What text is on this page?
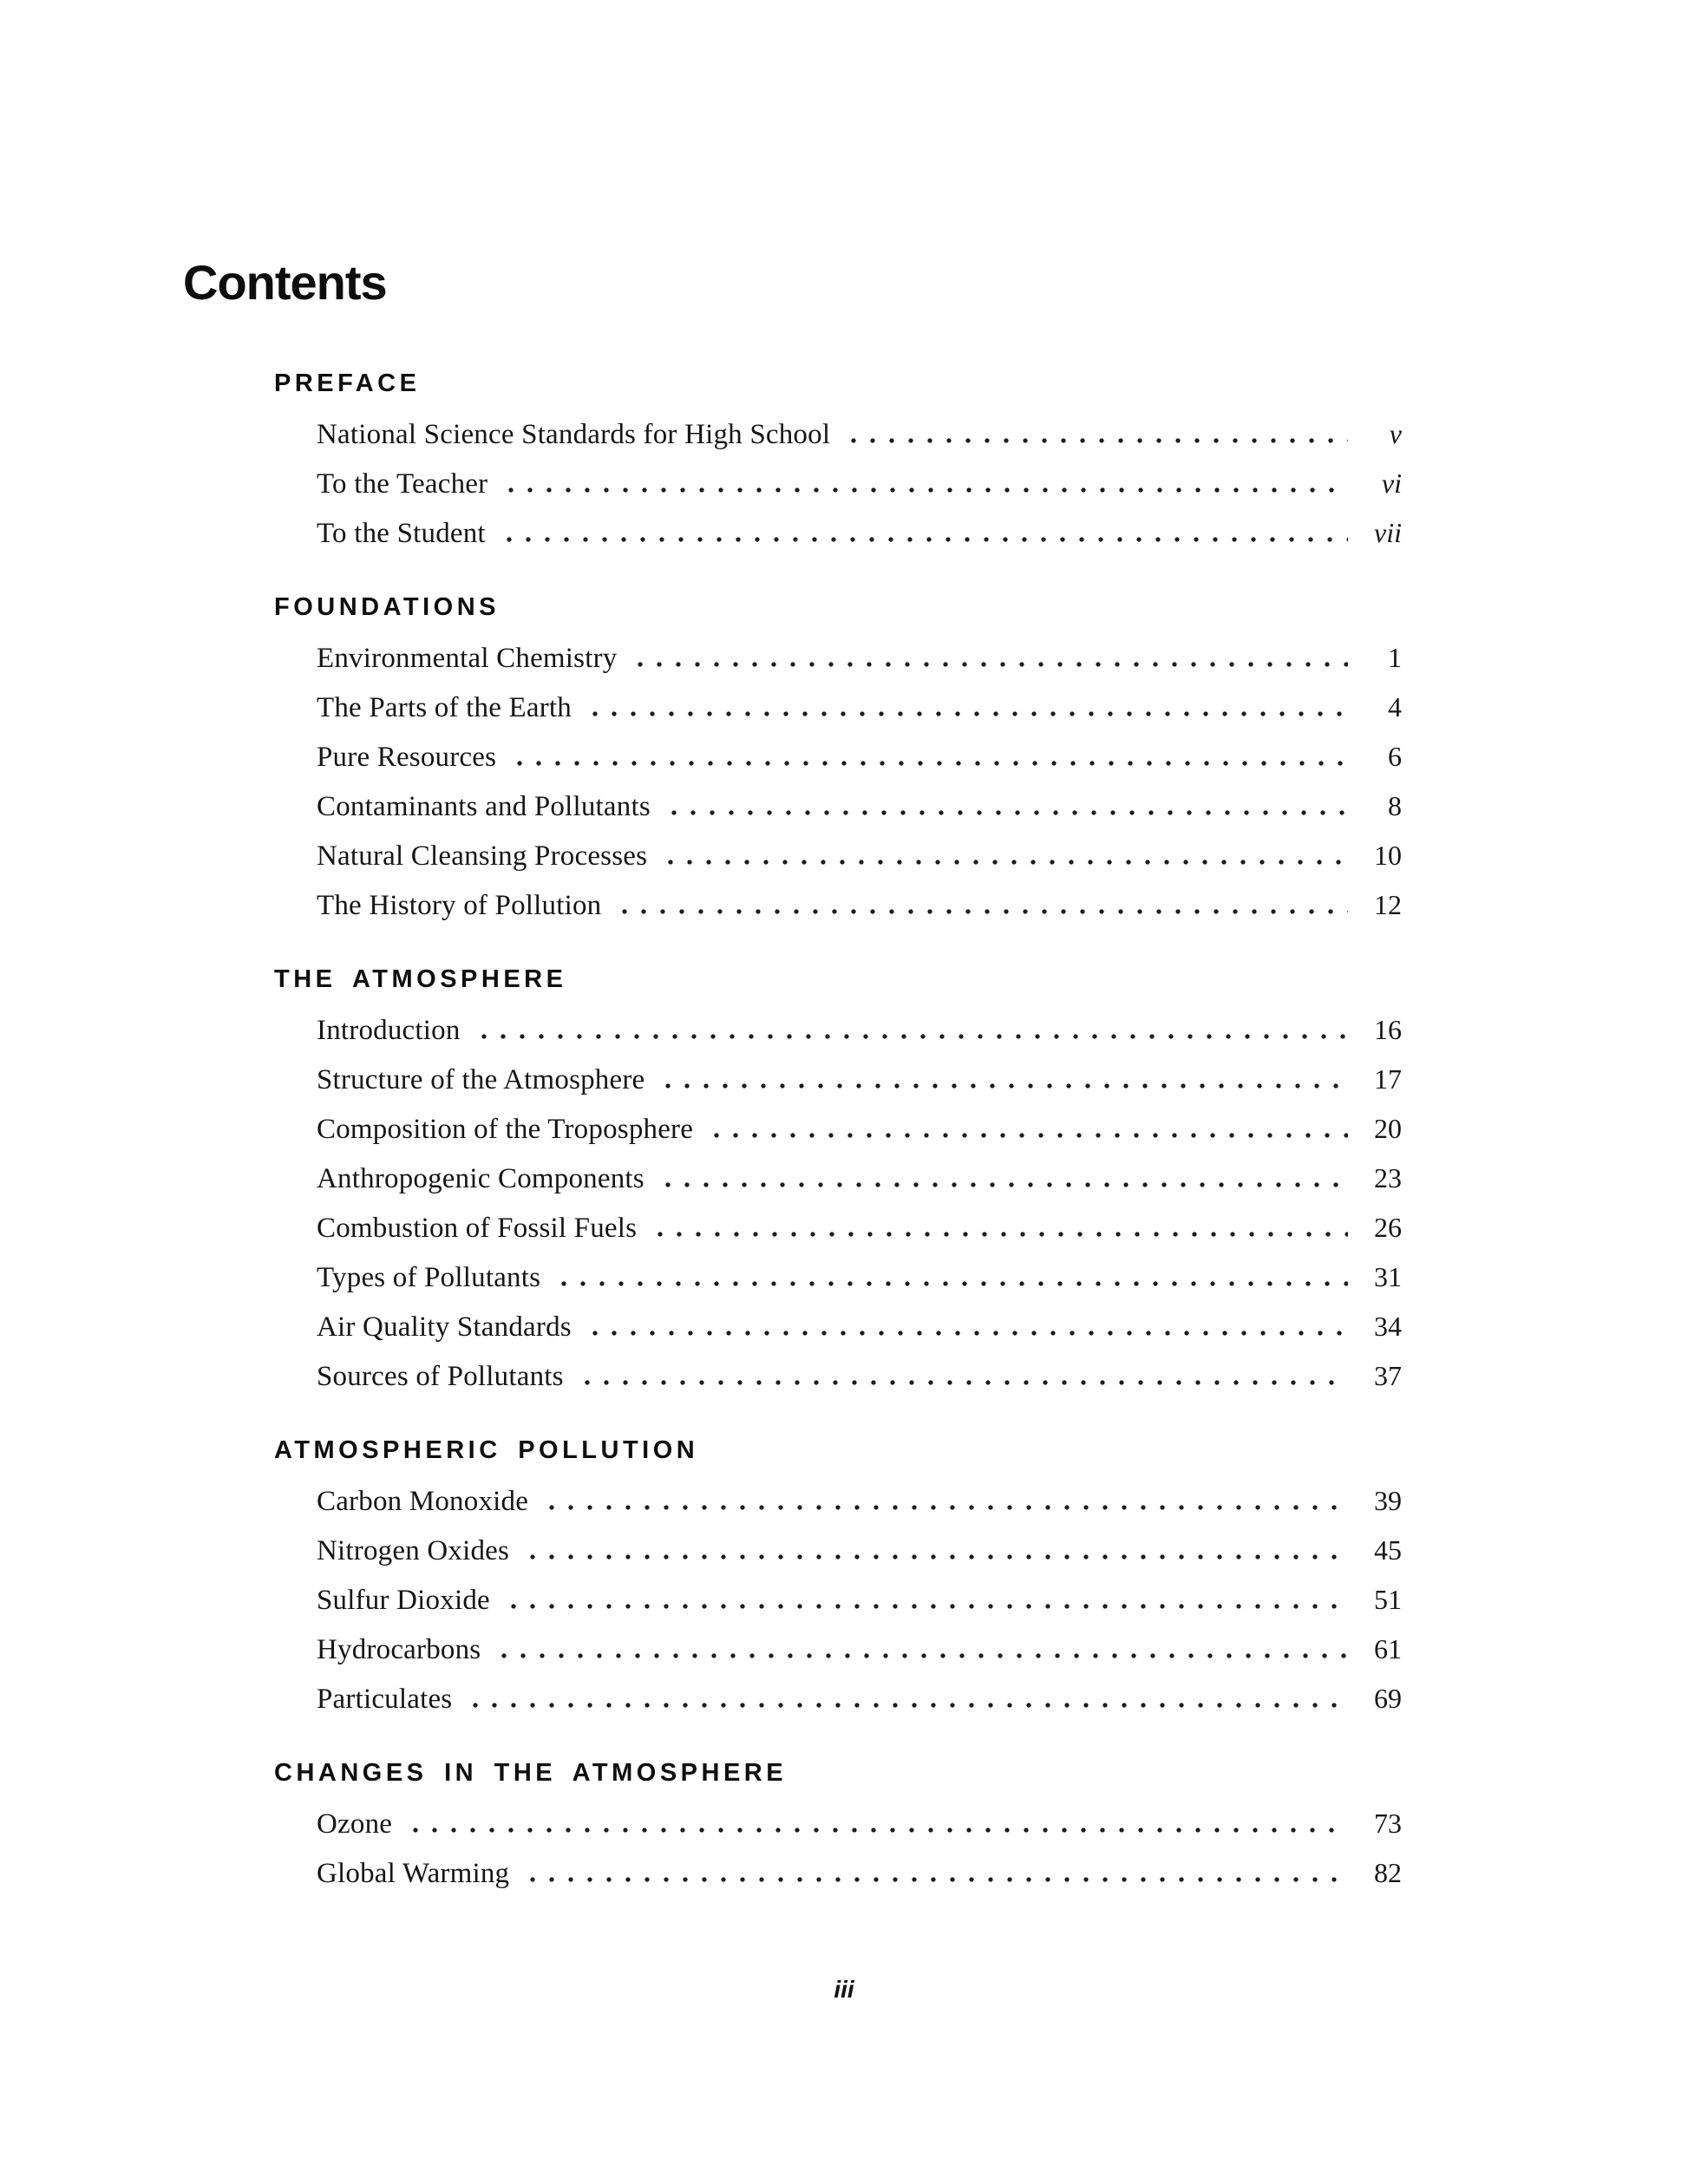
Contents
PREFACE
National Science Standards for High School	v
To the Teacher	vi
To the Student	vii
FOUNDATIONS
Environmental Chemistry	1
The Parts of the Earth	4
Pure Resources	6
Contaminants and Pollutants	8
Natural Cleansing Processes	10
The History of Pollution	12
THE ATMOSPHERE
Introduction	16
Structure of the Atmosphere	17
Composition of the Troposphere	20
Anthropogenic Components	23
Combustion of Fossil Fuels	26
Types of Pollutants	31
Air Quality Standards	34
Sources of Pollutants	37
ATMOSPHERIC POLLUTION
Carbon Monoxide	39
Nitrogen Oxides	45
Sulfur Dioxide	51
Hydrocarbons	61
Particulates	69
CHANGES IN THE ATMOSPHERE
Ozone	73
Global Warming	82
iii
